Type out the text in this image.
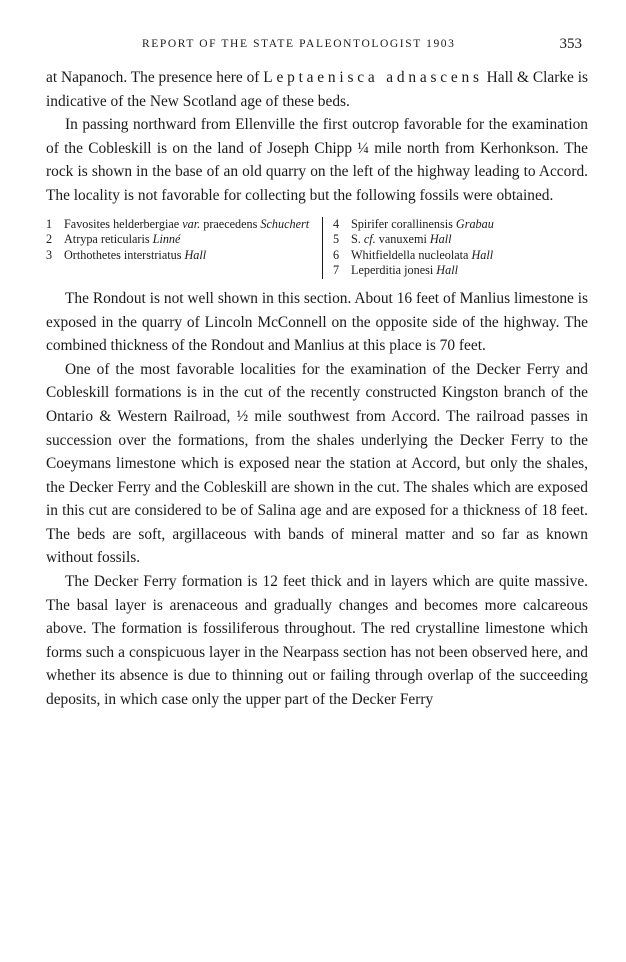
REPORT OF THE STATE PALEONTOLOGIST 1903	353

at Napanoch. The presence here of Leptaenisca adnascens Hall & Clarke is indicative of the New Scotland age of these beds.

In passing northward from Ellenville the first outcrop favorable for the examination of the Cobleskill is on the land of Joseph Chipp ¼ mile north from Kerhonkson. The rock is shown in the base of an old quarry on the left of the highway leading to Accord. The locality is not favorable for collecting but the following fossils were obtained.

1 Favosites helderbergiae var. praecedens Schuchert
2 Atrypa reticularis Linné
3 Orthothetes interstriatus Hall
4 Spirifer corallinensis Grabau
5 S. cf. vanuxemi Hall
6 Whitfieldella nucleolata Hall
7 Leperditia jonesi Hall

The Rondout is not well shown in this section. About 16 feet of Manlius limestone is exposed in the quarry of Lincoln McConnell on the opposite side of the highway. The combined thickness of the Rondout and Manlius at this place is 70 feet.

One of the most favorable localities for the examination of the Decker Ferry and Cobleskill formations is in the cut of the recently constructed Kingston branch of the Ontario & Western Railroad, ½ mile southwest from Accord. The railroad passes in succession over the formations, from the shales underlying the Decker Ferry to the Coeymans limestone which is exposed near the station at Accord, but only the shales, the Decker Ferry and the Cobleskill are shown in the cut. The shales which are exposed in this cut are considered to be of Salina age and are exposed for a thickness of 18 feet. The beds are soft, argillaceous with bands of mineral matter and so far as known without fossils.

The Decker Ferry formation is 12 feet thick and in layers which are quite massive. The basal layer is arenaceous and gradually changes and becomes more calcareous above. The formation is fossiliferous throughout. The red crystalline limestone which forms such a conspicuous layer in the Nearpass section has not been observed here, and whether its absence is due to thinning out or failing through overlap of the succeeding deposits, in which case only the upper part of the Decker Ferry
